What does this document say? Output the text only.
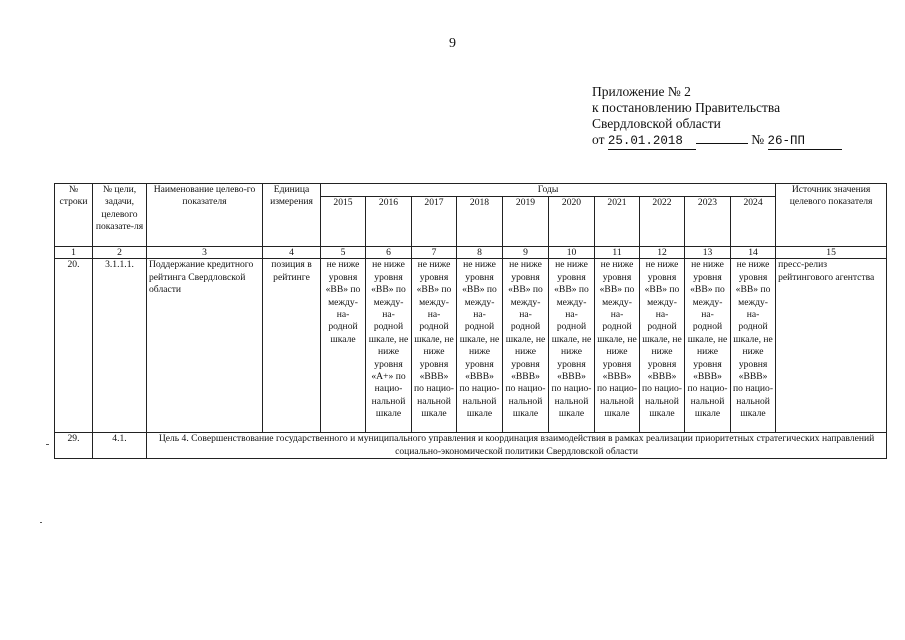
9
Приложение № 2
к постановлению Правительства
Свердловской области
от 25.01.2018	№ 26-ПП
№ строки	№ цели, задачи, целевого показате-ля	Наименование целево-го показателя	Единица измерения	Годы										Источник значения целевого показателя
				2015	2016	2017	2018	2019	2020	2021	2022	2023	2024	
1	2	3	4	5	6	7	8	9	10	11	12	13	14	15
20.	3.1.1.1.	Поддержание кредитного рейтинга Свердловской области	позиция в рейтинге	не ниже уровня «ВВ» по между-на-родной шкале	не ниже уровня «ВВ» по между-на-родной шкале, не ниже уровня «А+» по нацио-нальной шкале	не ниже уровня «ВВ» по между-на-родной шкале, не ниже уровня «ВВВ» по нацио-нальной шкале	не ниже уровня «ВВ» по между-на-родной шкале, не ниже уровня «ВВВ» по нацио-нальной шкале	не ниже уровня «ВВ» по между-на-родной шкале, не ниже уровня «ВВВ» по нацио-нальной шкале	не ниже уровня «ВВ» по между-на-родной шкале, не ниже уровня «ВВВ» по нацио-нальной шкале	не ниже уровня «ВВ» по между-на-родной шкале, не ниже уровня «ВВВ» по нацио-нальной шкале	не ниже уровня «ВВ» по между-на-родной шкале, не ниже уровня «ВВВ» по нацио-нальной шкале	не ниже уровня «ВВ» по между-на-родной шкале, не ниже уровня «ВВВ» по нацио-нальной шкале	не ниже уровня «ВВ» по между-на-родной шкале, не ниже уровня «ВВВ» по нацио-нальной шкале	пресс-релиз рейтингового агентства
29.	4.1.	Цель 4. Совершенствование государственного и муниципального управления и координация взаимодействия в рамках реализации приоритетных стратегических направлений социально-экономической политики Свердловской области												
